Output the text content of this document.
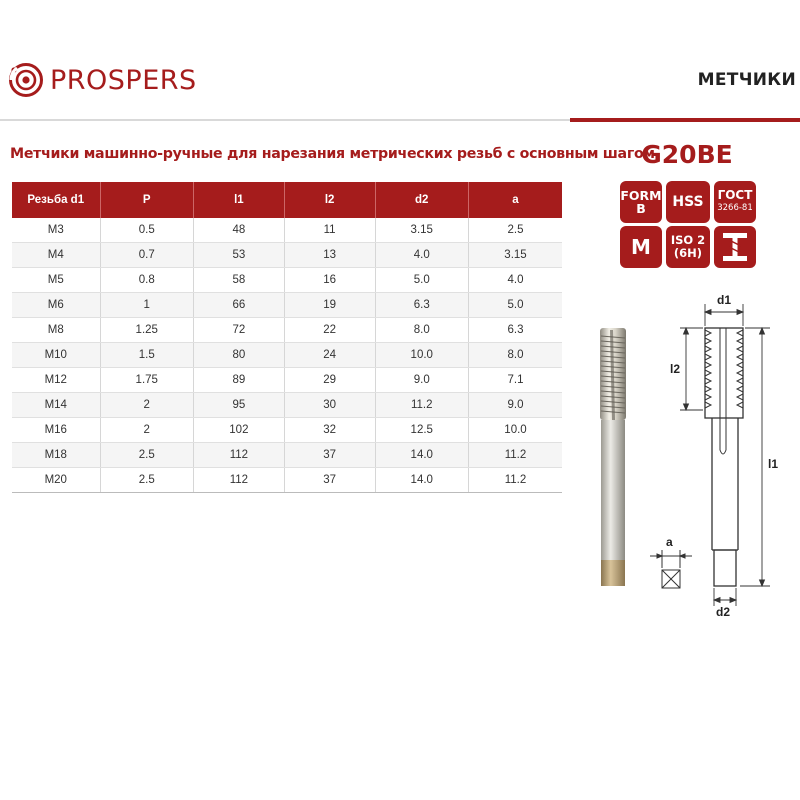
PROSPERS	МЕТЧИКИ
Метчики машинно-ручные для нарезания метрических резьб с основным шагом
G20BE
Резьба d1	P	l1	l2	d2	a
M3	0.5	48	11	3.15	2.5
M4	0.7	53	13	4.0	3.15
M5	0.8	58	16	5.0	4.0
M6	1	66	19	6.3	5.0
M8	1.25	72	22	8.0	6.3
M10	1.5	80	24	10.0	8.0
M12	1.75	89	29	9.0	7.1
M14	2	95	30	11.2	9.0
M16	2	102	32	12.5	10.0
M18	2.5	112	37	14.0	11.2
M20	2.5	112	37	14.0	11.2
FORM
B HSS ГОСТ
3266-81
M ISO 2
(6H)
d1
l2
l1
a
d2
